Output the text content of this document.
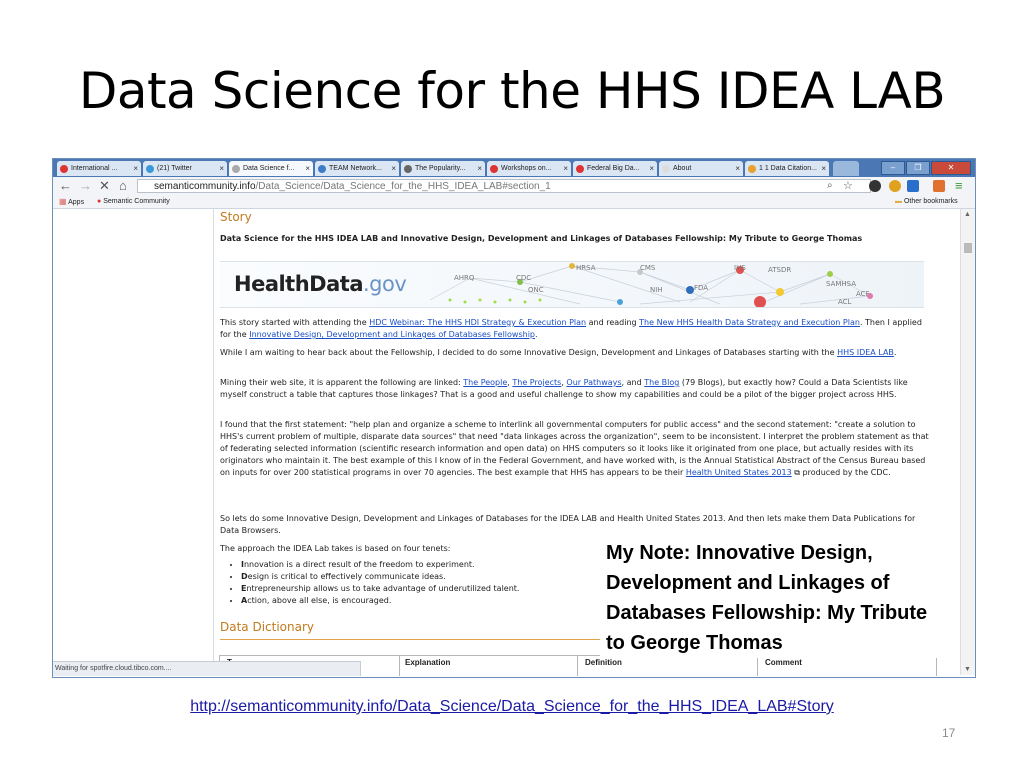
Data Science for the HHS IDEA LAB
International ... ×	(21) Twitter	×	Data Science f... ×	TEAM Network... ×	The Popularity... ×	Workshops on... ×	Federal Big Da... ×	About	×	1 1 Data Citation... ×	–	❐	✕
← → ✕ ⌂	semanticommunity.info/Data_Science/Data_Science_for_the_HHS_IDEA_LAB#section_1	⌕ ☆	≡
▦ Apps ● Semantic Community	▬ Other bookmarks
Story
Data Science for the HHS IDEA LAB and Innovative Design, Development and Linkages of Databases Fellowship: My Tribute to George Thomas
HealthData.gov	AHRQ	CDC
HRSA	CMS	IHS	ATSDR
SAMHSA
ONC	NIH	FDA
ACF
ACL
This story started with attending the HDC Webinar: The HHS HDI Strategy & Execution Plan and reading The New HHS Health Data Strategy and Execution Plan. Then I applied for the Innovative Design, Development and Linkages of Databases Fellowship.
While I am waiting to hear back about the Fellowship, I decided to do some Innovative Design, Development and Linkages of Databases starting with the HHS IDEA LAB.
Mining their web site, it is apparent the following are linked: The People, The Projects, Our Pathways, and The Blog (79 Blogs), but exactly how? Could a Data Scientists like myself construct a table that captures those linkages? That is a good and useful challenge to show my capabilities and could be a pilot of the bigger project across HHS.
I found that the first statement: "help plan and organize a scheme to interlink all governmental computers for public access" and the second statement: "create a solution to HHS's current problem of multiple, disparate data sources" that need "data linkages across the organization", seem to be inconsistent. I interpret the problem statement as that of federating selected information (scientific research information and open data) on HHS computers so it looks like it originated from one place, but actually resides with its originators who maintain it. The best example of this I know of in the Federal Government, and have worked with, is the Annual Statistical Abstract of the Census Bureau based on inputs for over 200 statistical programs in over 70 agencies. The best example that HHS has appears to be their Health United States 2013 ⧉ produced by the CDC.
So lets do some Innovative Design, Development and Linkages of Databases for the IDEA LAB and Health United States 2013. And then lets make them Data Publications for Data Browsers.
The approach the IDEA Lab takes is based on four tenets:
• Innovation is a direct result of the freedom to experiment.
• Design is critical to effectively communicate ideas.
• Entrepreneurship allows us to take advantage of underutilized talent.
• Action, above all else, is encouraged.
Data Dictionary
Explanation	Definition	Comment
▲
▼
Waiting for spotfire.cloud.tibco.com....
My Note: Innovative Design, Development and Linkages of Databases Fellowship: My Tribute to George Thomas
http://semanticommunity.info/Data_Science/Data_Science_for_the_HHS_IDEA_LAB#Story
17
